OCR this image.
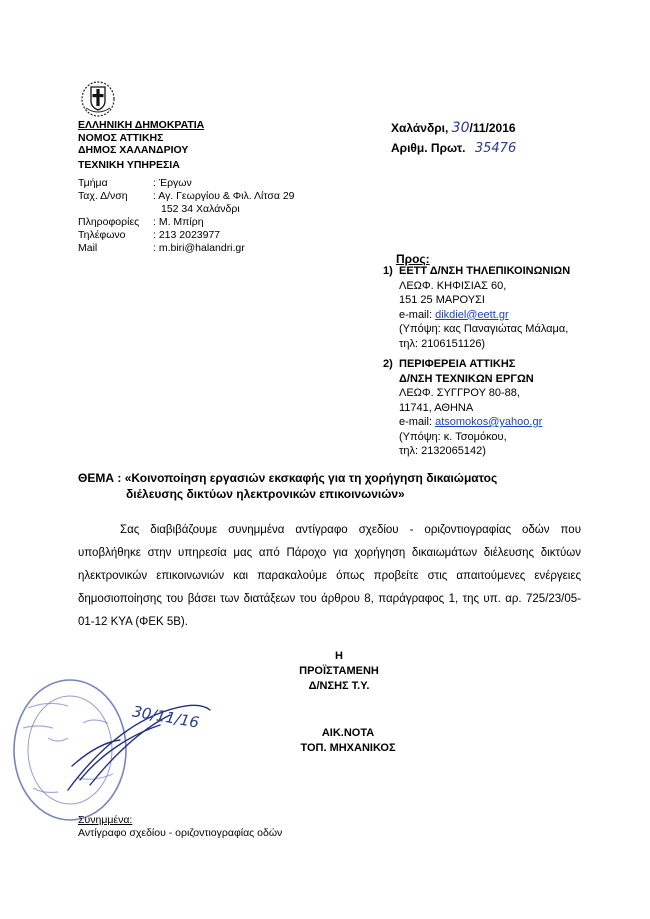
ΕΛΛΗΝΙΚΗ ΔΗΜΟΚΡΑΤΙΑ
ΝΟΜΟΣ ΑΤΤΙΚΗΣ
ΔΗΜΟΣ ΧΑΛΑΝΔΡΙΟΥ
ΤΕΧΝΙΚΗ ΥΠΗΡΕΣΙΑ
Χαλάνδρι, 30/11/2016
Αριθμ. Πρωτ. 35476
Τμήμα	: Έργων
Ταχ. Δ/νση	: Αγ. Γεωργίου & Φιλ. Λίτσα 29
152 34 Χαλάνδρι
Πληροφορίες	: Μ. Μπίρη
Τηλέφωνο	: 213 2023977
Mail	: m.biri@halandri.gr
Προς:
1) ΕΕΤΤ Δ/ΝΣΗ ΤΗΛΕΠΙΚΟΙΝΩΝΙΩΝ
ΛΕΩΦ. ΚΗΦΙΣΙΑΣ 60,
151 25 ΜΑΡΟΥΣΙ
e-mail: dikdiel@eett.gr
(Υπόψη: κας Παναγιώτας Μάλαμα,
τηλ: 2106151126)
2) ΠΕΡΙΦΕΡΕΙΑ ΑΤΤΙΚΗΣ
Δ/ΝΣΗ ΤΕΧΝΙΚΩΝ ΕΡΓΩΝ
ΛΕΩΦ. ΣΥΓΓΡΟΥ 80-88,
11741, ΑΘΗΝΑ
e-mail: atsomokos@yahoo.gr
(Υπόψη: κ. Τσομόκου,
τηλ: 2132065142)
ΘΕΜΑ : «Κοινοποίηση εργασιών εκσκαφής για τη χορήγηση δικαιώματος
διέλευσης δικτύων ηλεκτρονικών επικοινωνιών»
Σας διαβιβάζουμε συνημμένα αντίγραφο σχεδίου - οριζοντιογραφίας οδών που υποβλήθηκε στην υπηρεσία μας από Πάροχο για χορήγηση δικαιωμάτων διέλευσης δικτύων ηλεκτρονικών επικοινωνιών και παρακαλούμε όπως προβείτε στις απαιτούμενες ενέργειες δημοσιοποίησης του βάσει των διατάξεων του άρθρου 8, παράγραφος 1, της υπ. αρ. 725/23/05-01-12 ΚΥΑ (ΦΕΚ 5Β).
Η ΠΡΟΪΣΤΑΜΕΝΗ
Δ/ΝΣΗΣ Τ.Υ.
30/11/16
ΑΙΚ.ΝΟΤΑ
ΤΟΠ. ΜΗΧΑΝΙΚΟΣ
Συνημμένα:
Αντίγραφο σχεδίου - οριζοντιογραφίας οδών
